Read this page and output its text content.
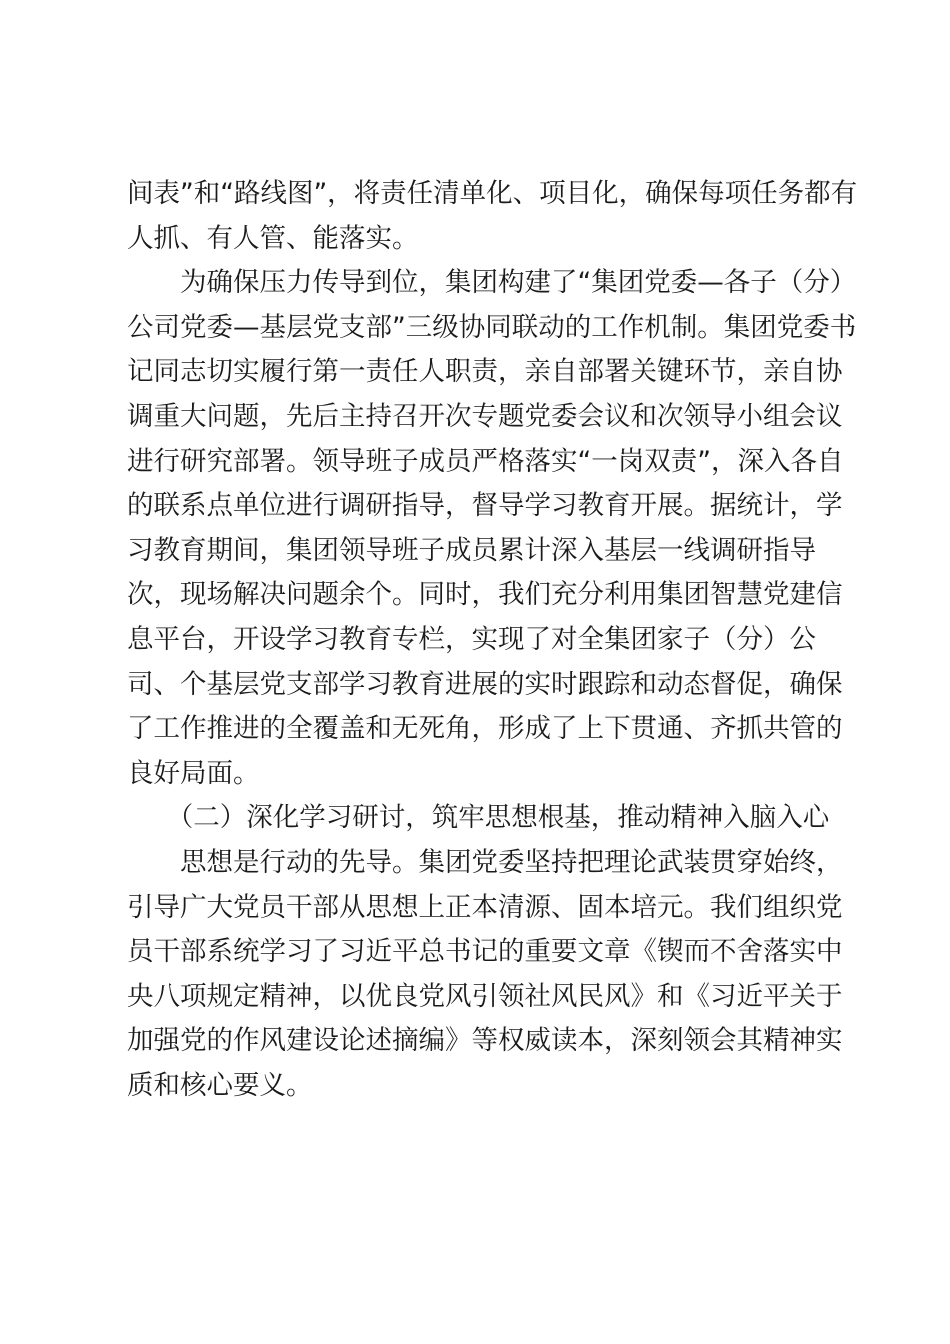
间表”和“路线图”，将责任清单化、项目化，确保每项任务都有
人抓、有人管、能落实。
　　为确保压力传导到位，集团构建了“集团党委—各子（分）
公司党委—基层党支部”三级协同联动的工作机制。集团党委书
记同志切实履行第一责任人职责，亲自部署关键环节，亲自协
调重大问题，先后主持召开次专题党委会议和次领导小组会议
进行研究部署。领导班子成员严格落实“一岗双责”，深入各自
的联系点单位进行调研指导，督导学习教育开展。据统计，学
习教育期间，集团领导班子成员累计深入基层一线调研指导
次，现场解决问题余个。同时，我们充分利用集团智慧党建信
息平台，开设学习教育专栏，实现了对全集团家子（分）公
司、个基层党支部学习教育进展的实时跟踪和动态督促，确保
了工作推进的全覆盖和无死角，形成了上下贯通、齐抓共管的
良好局面。
　　（二）深化学习研讨，筑牢思想根基，推动精神入脑入心
　　思想是行动的先导。集团党委坚持把理论武装贯穿始终，
引导广大党员干部从思想上正本清源、固本培元。我们组织党
员干部系统学习了习近平总书记的重要文章《锲而不舍落实中
央八项规定精神，以优良党风引领社风民风》和《习近平关于
加强党的作风建设论述摘编》等权威读本，深刻领会其精神实
质和核心要义。
